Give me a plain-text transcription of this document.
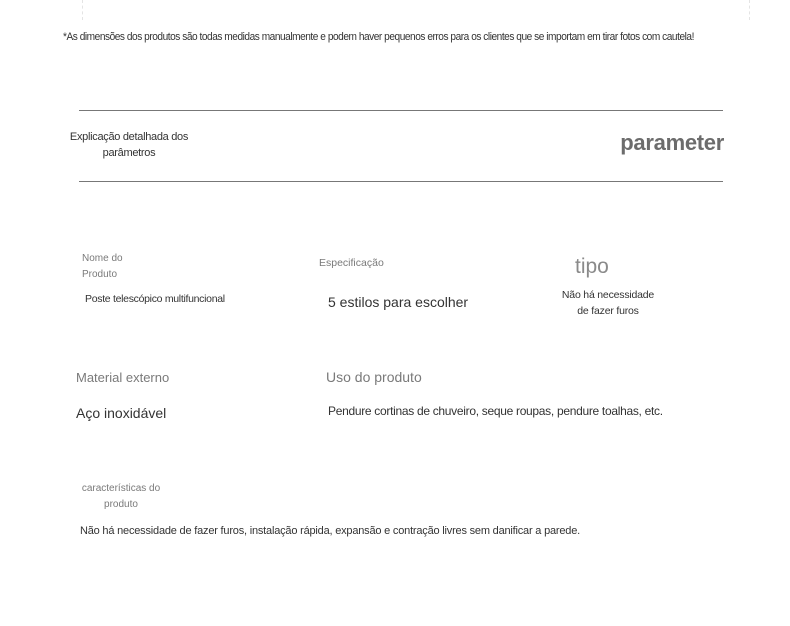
*As dimensões dos produtos são todas medidas manualmente e podem haver pequenos erros para os clientes que se importam em tirar fotos com cautela!
Explicação detalhada dos
parâmetros	parameter
Nome do
Produto
Poste telescópico multifuncional
Especificação
5 estilos para escolher
tipo
Não há necessidade
de fazer furos
Material externo
Aço inoxidável
Uso do produto
Pendure cortinas de chuveiro, seque roupas, pendure toalhas, etc.
características do
produto
Não há necessidade de fazer furos, instalação rápida, expansão e contração livres sem danificar a parede.
